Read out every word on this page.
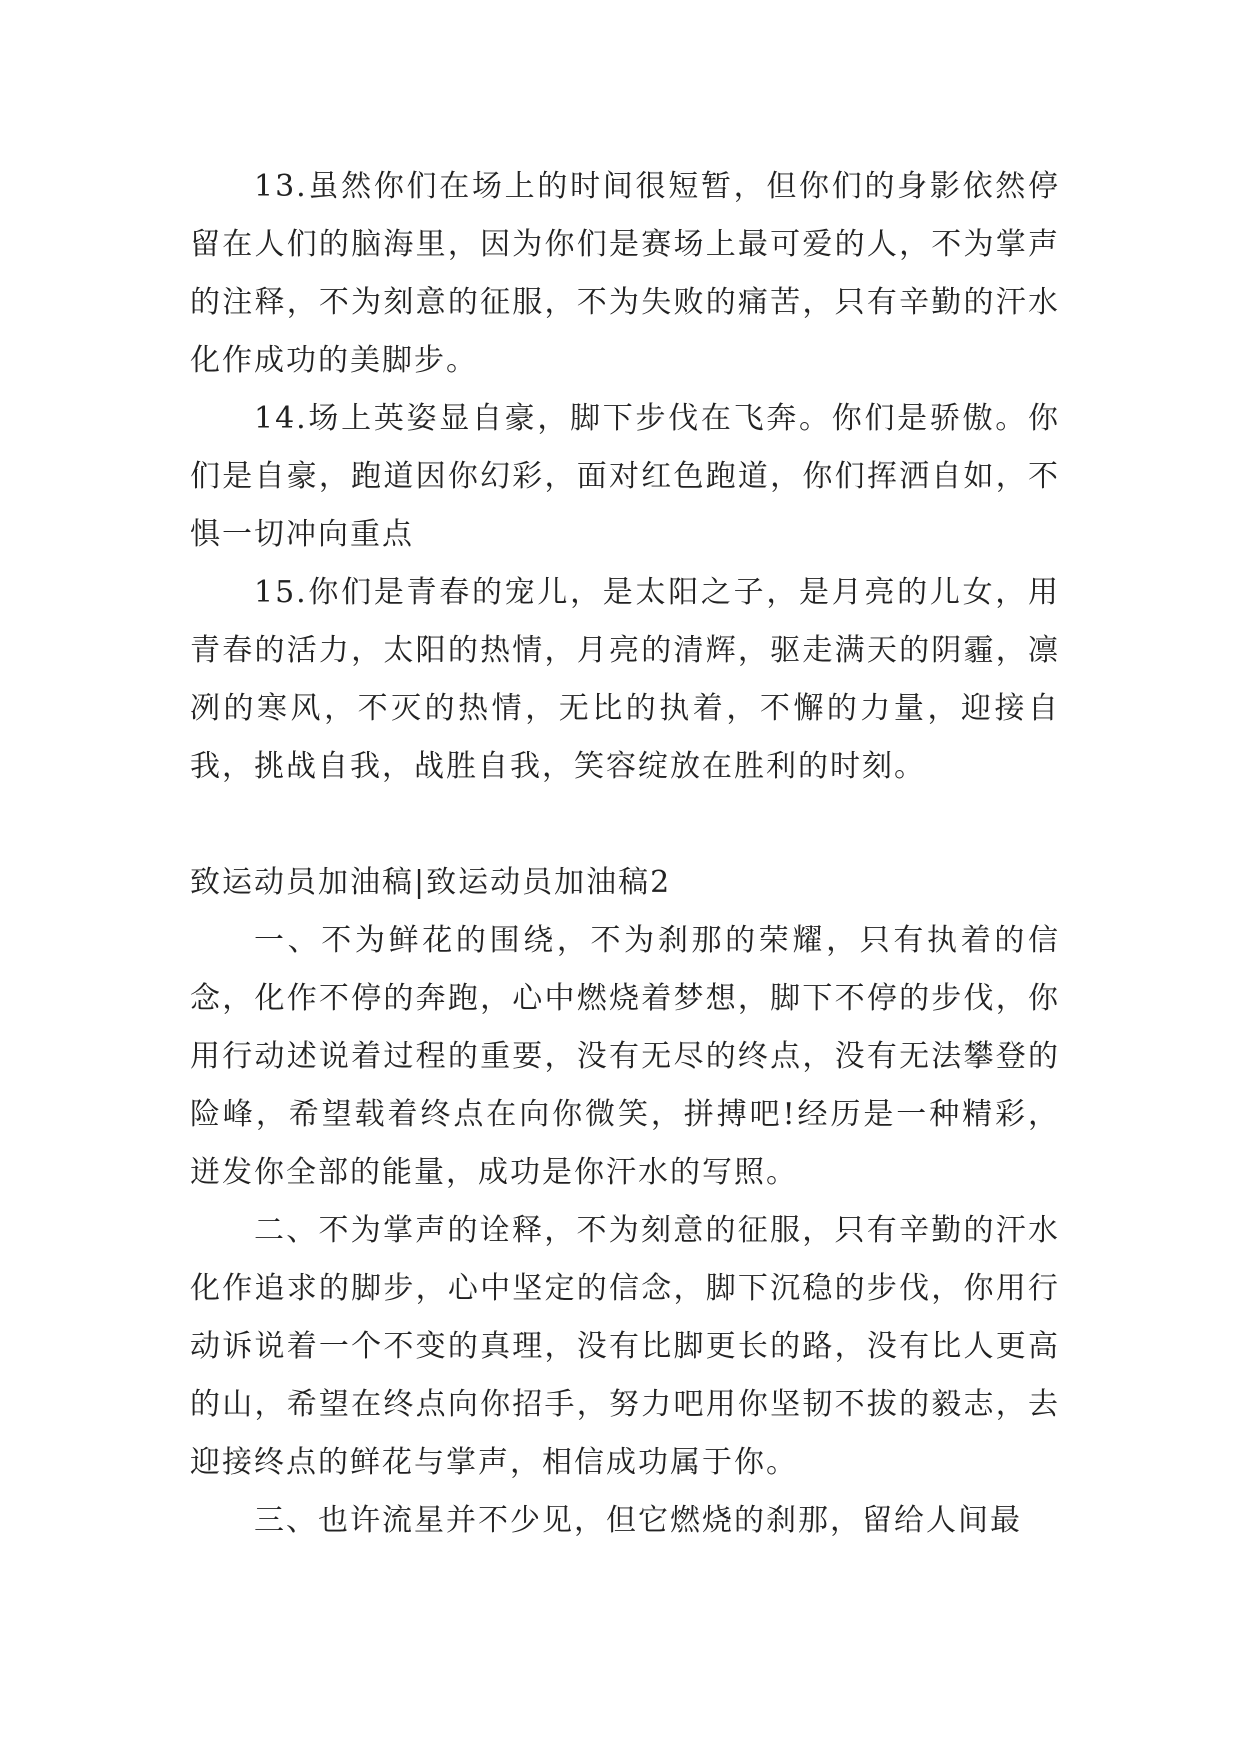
13.虽然你们在场上的时间很短暂，但你们的身影依然停留在人们的脑海里，因为你们是赛场上最可爱的人，不为掌声的注释，不为刻意的征服，不为失败的痛苦，只有辛勤的汗水化作成功的美脚步。

14.场上英姿显自豪，脚下步伐在飞奔。你们是骄傲。你们是自豪，跑道因你幻彩，面对红色跑道，你们挥洒自如，不惧一切冲向重点

15.你们是青春的宠儿，是太阳之子，是月亮的儿女，用青春的活力，太阳的热情，月亮的清辉，驱走满天的阴霾，凛冽的寒风，不灭的热情，无比的执着，不懈的力量，迎接自我，挑战自我，战胜自我，笑容绽放在胜利的时刻。

致运动员加油稿|致运动员加油稿2

一、不为鲜花的围绕，不为刹那的荣耀，只有执着的信念，化作不停的奔跑，心中燃烧着梦想，脚下不停的步伐，你用行动述说着过程的重要，没有无尽的终点，没有无法攀登的险峰，希望载着终点在向你微笑，拼搏吧!经历是一种精彩，迸发你全部的能量，成功是你汗水的写照。

二、不为掌声的诠释，不为刻意的征服，只有辛勤的汗水化作追求的脚步，心中坚定的信念，脚下沉稳的步伐，你用行动诉说着一个不变的真理，没有比脚更长的路，没有比人更高的山，希望在终点向你招手，努力吧用你坚韧不拔的毅志，去迎接终点的鲜花与掌声，相信成功属于你。

三、也许流星并不少见，但它燃烧的刹那，留给人间最
